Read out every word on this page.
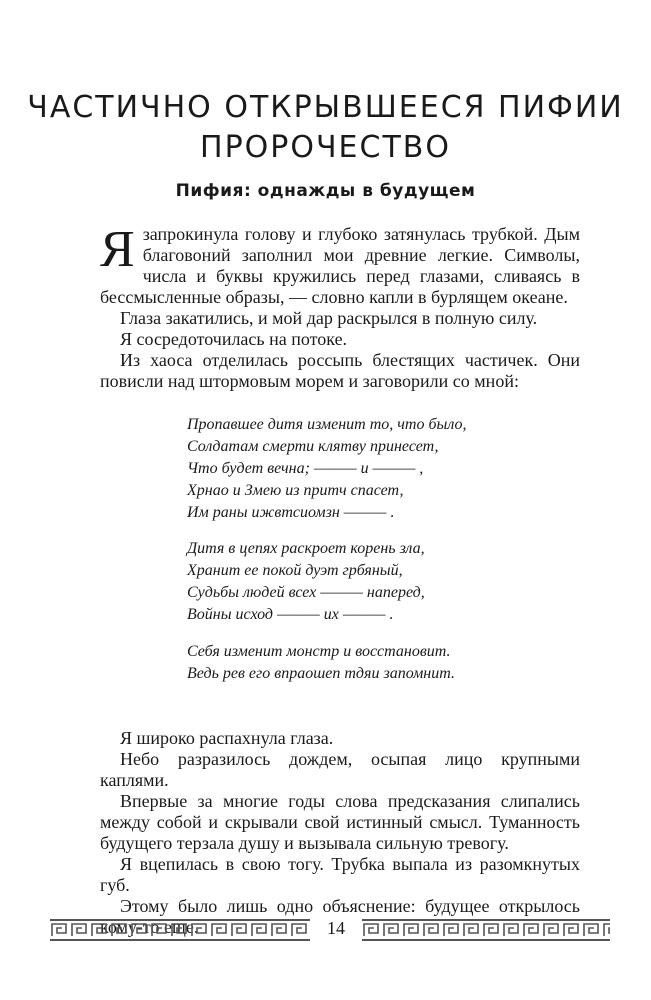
ЧАСТИЧНО ОТКРЫВШЕЕСЯ ПИФИИ
ПРОРОЧЕСТВО
Пифия: однажды в будущем

Язапрокинула голову и глубоко затянулась трубкой. Дым благовоний заполнил мои древние легкие. Символы, числа и буквы кружились перед глазами, сливаясь в бессмысленные образы, — словно капли в бурлящем океане.

Глаза закатились, и мой дар раскрылся в полную силу.

Я сосредоточилась на потоке.

Из хаоса отделилась россыпь блестящих частичек. Они повисли над штормовым морем и заговорили со мной:

Пропавшее дитя изменит то, что было,
Солдатам смерти клятву принесет,
Что будет вечна; ——— и ——— ,
Хрнао и Змею из притч спасет,
Им раны ижвтсиомзн ——— .
Дитя в цепях раскроет корень зла,
Хранит ее покой дуэт грбяный,
Судьбы людей всех ——— наперед,
Войны исход ——— их ——— .
Себя изменит монстр и восстановит.
Ведь рев его впраошеп тдяи запомнит.

Я широко распахнула глаза.

Небо разразилось дождем, осыпая лицо крупными каплями.

Впервые за многие годы слова предсказания слипались между собой и скрывали свой истинный смысл. Туманность будущего терзала душу и вызывала сильную тревогу.

Я вцепилась в свою тогу. Трубка выпала из разомкнутых губ.

Этому было лишь одно объяснение: будущее открылось

14
